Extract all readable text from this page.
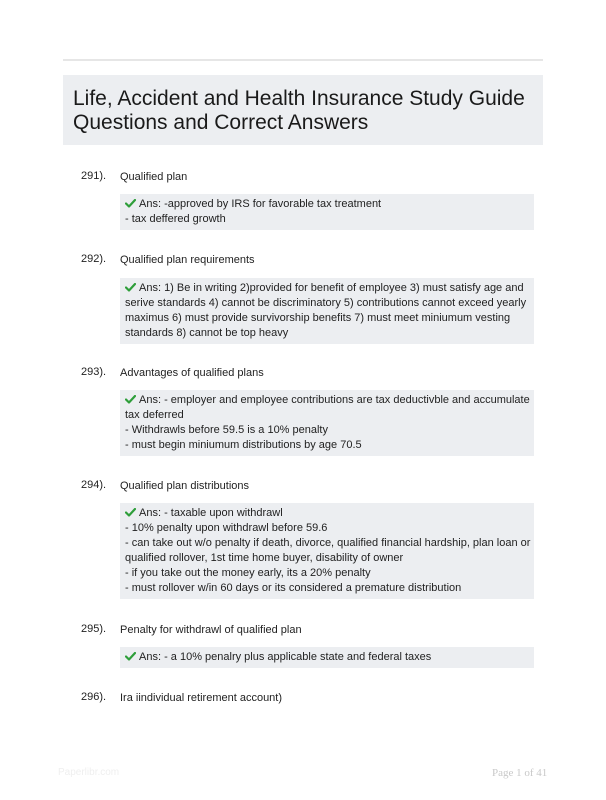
Life, Accident and Health Insurance Study Guide
Questions and Correct Answers
291). Qualified plan
Ans: -approved by IRS for favorable tax treatment
- tax deffered growth
292). Qualified plan requirements
Ans: 1) Be in writing 2)provided for benefit of employee 3) must satisfy age and
serive standards 4) cannot be discriminatory 5) contributions cannot exceed yearly
maximus 6) must provide survivorship benefits 7) must meet miniumum vesting
standards 8) cannot be top heavy
293). Advantages of qualified plans
Ans: - employer and employee contributions are tax deductivble and accumulate
tax deferred
- Withdrawls before 59.5 is a 10% penalty
- must begin miniumum distributions by age 70.5
294). Qualified plan distributions
Ans: - taxable upon withdrawl
- 10% penalty upon withdrawl before 59.6
- can take out w/o penalty if death, divorce, qualified financial hardship, plan loan or
qualified rollover, 1st time home buyer, disability of owner
- if you take out the money early, its a 20% penalty
- must rollover w/in 60 days or its considered a premature distribution
295). Penalty for withdrawl of qualified plan
Ans: - a 10% penalry plus applicable state and federal taxes
296). Ira iindividual retirement account)
Paperlibr.com	Page 1 of 41
